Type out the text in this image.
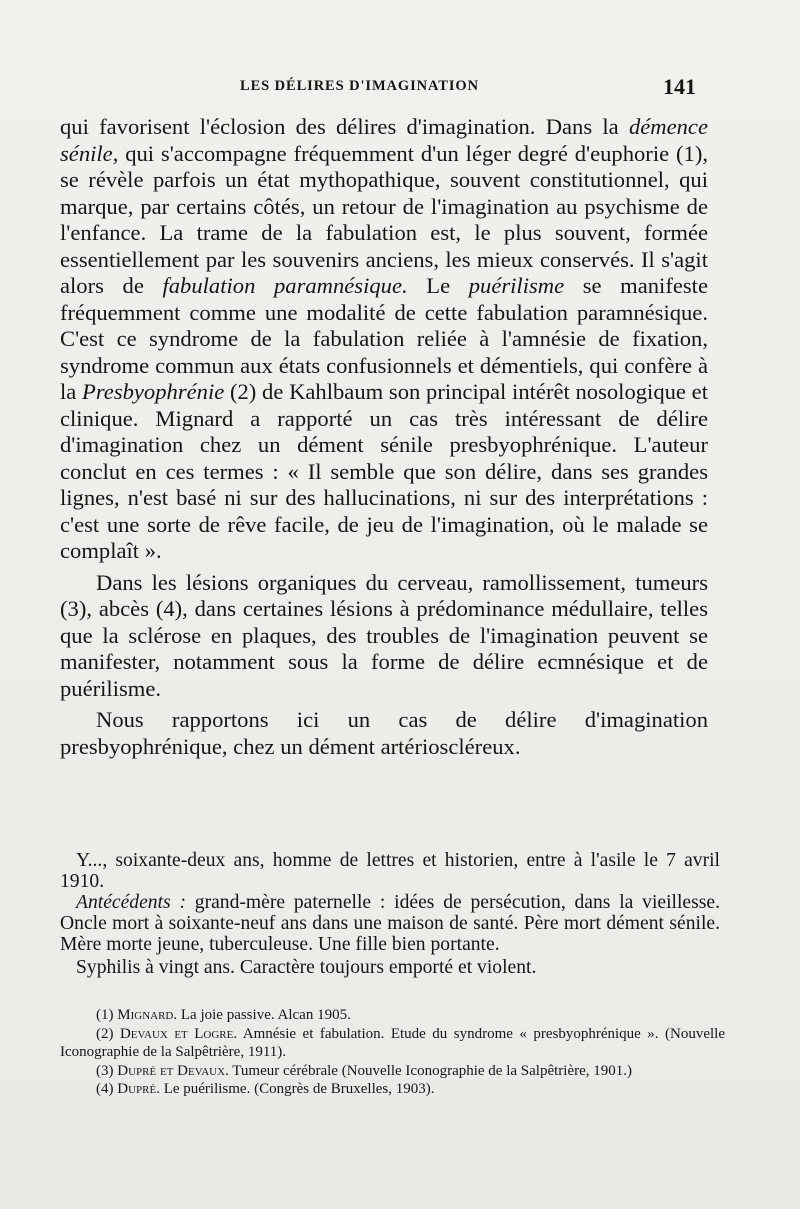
LES DÉLIRES D'IMAGINATION	141

qui favorisent l'éclosion des délires d'imagination. Dans la démence sénile, qui s'accompagne fréquemment d'un léger degré d'euphorie (1), se révèle parfois un état mythopathique, souvent constitutionnel, qui marque, par certains côtés, un retour de l'imagination au psychisme de l'enfance. La trame de la fabulation est, le plus souvent, formée essentiellement par les souvenirs anciens, les mieux conservés. Il s'agit alors de fabulation paramnésique. Le puérilisme se manifeste fréquemment comme une modalité de cette fabulation paramnésique. C'est ce syndrome de la fabulation reliée à l'amnésie de fixation, syndrome commun aux états confusionnels et démentiels, qui confère à la Presbyophrénie (2) de Kahlbaum son principal intérêt nosologique et clinique. Mignard a rapporté un cas très intéressant de délire d'imagination chez un dément sénile presbyophrénique. L'auteur conclut en ces termes : « Il semble que son délire, dans ses grandes lignes, n'est basé ni sur des hallucinations, ni sur des interprétations : c'est une sorte de rêve facile, de jeu de l'imagination, où le malade se complaît ».

Dans les lésions organiques du cerveau, ramollissement, tumeurs (3), abcès (4), dans certaines lésions à prédominance médullaire, telles que la sclérose en plaques, des troubles de l'imagination peuvent se manifester, notamment sous la forme de délire ecmnésique et de puérilisme.

Nous rapportons ici un cas de délire d'imagination presbyophrénique, chez un dément artérioscléreux.

Y..., soixante-deux ans, homme de lettres et historien, entre à l'asile le 7 avril 1910.

Antécédents : grand-mère paternelle : idées de persécution, dans la vieillesse. Oncle mort à soixante-neuf ans dans une maison de santé. Père mort dément sénile. Mère morte jeune, tuberculeuse. Une fille bien portante.

Syphilis à vingt ans. Caractère toujours emporté et violent.

(1) Mignard. La joie passive. Alcan 1905.

(2) Devaux et Logre. Amnésie et fabulation. Etude du syndrome « presbyophrénique ». (Nouvelle Iconographie de la Salpêtrière, 1911).

(3) Dupré et Devaux. Tumeur cérébrale (Nouvelle Iconographie de la Salpêtrière, 1901.)

(4) Dupré. Le puérilisme. (Congrès de Bruxelles, 1903).
